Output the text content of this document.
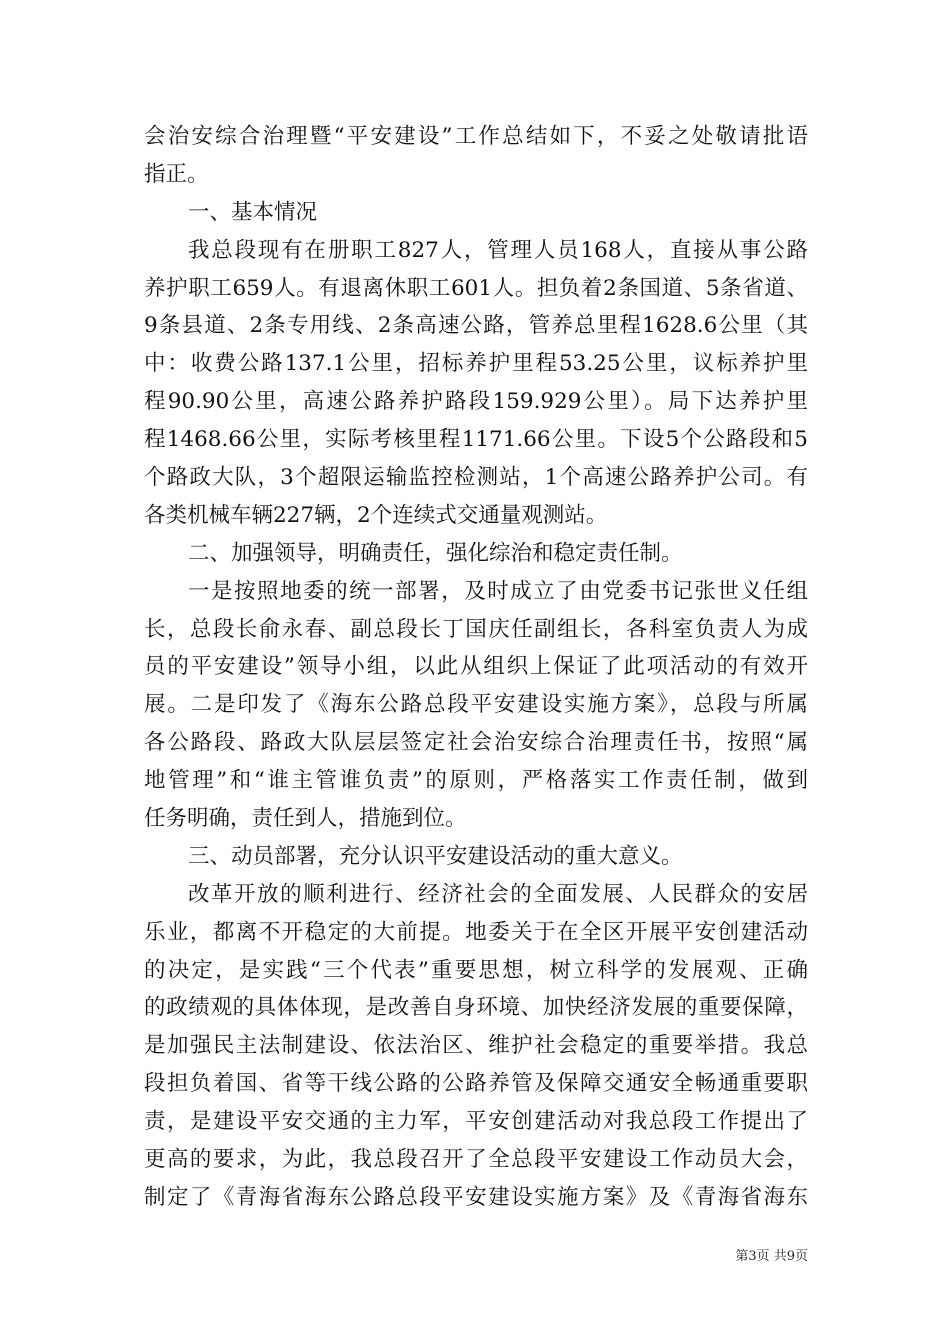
会治安综合治理暨“平安建设”工作总结如下，不妥之处敬请批语
指正。
一、基本情况
我总段现有在册职工827人，管理人员168人，直接从事公路
养护职工659人。有退离休职工601人。担负着2条国道、5条省道、
9条县道、2条专用线、2条高速公路，管养总里程1628.6公里（其
中：收费公路137.1公里，招标养护里程53.25公里，议标养护里
程90.90公里，高速公路养护路段159.929公里）。局下达养护里
程1468.66公里，实际考核里程1171.66公里。下设5个公路段和5
个路政大队，3个超限运输监控检测站，1个高速公路养护公司。有
各类机械车辆227辆，2个连续式交通量观测站。
二、加强领导，明确责任，强化综治和稳定责任制。
一是按照地委的统一部署，及时成立了由党委书记张世义任组
长，总段长俞永春、副总段长丁国庆任副组长，各科室负责人为成
员的平安建设”领导小组，以此从组织上保证了此项活动的有效开
展。二是印发了《海东公路总段平安建设实施方案》，总段与所属
各公路段、路政大队层层签定社会治安综合治理责任书，按照“属
地管理”和“谁主管谁负责”的原则，严格落实工作责任制，做到
任务明确，责任到人，措施到位。
三、动员部署，充分认识平安建设活动的重大意义。
改革开放的顺利进行、经济社会的全面发展、人民群众的安居
乐业，都离不开稳定的大前提。地委关于在全区开展平安创建活动
的决定，是实践“三个代表”重要思想，树立科学的发展观、正确
的政绩观的具体体现，是改善自身环境、加快经济发展的重要保障，
是加强民主法制建设、依法治区、维护社会稳定的重要举措。我总
段担负着国、省等干线公路的公路养管及保障交通安全畅通重要职
责，是建设平安交通的主力军，平安创建活动对我总段工作提出了
更高的要求，为此，我总段召开了全总段平安建设工作动员大会，
制定了《青海省海东公路总段平安建设实施方案》及《青海省海东
第3页 共9页
